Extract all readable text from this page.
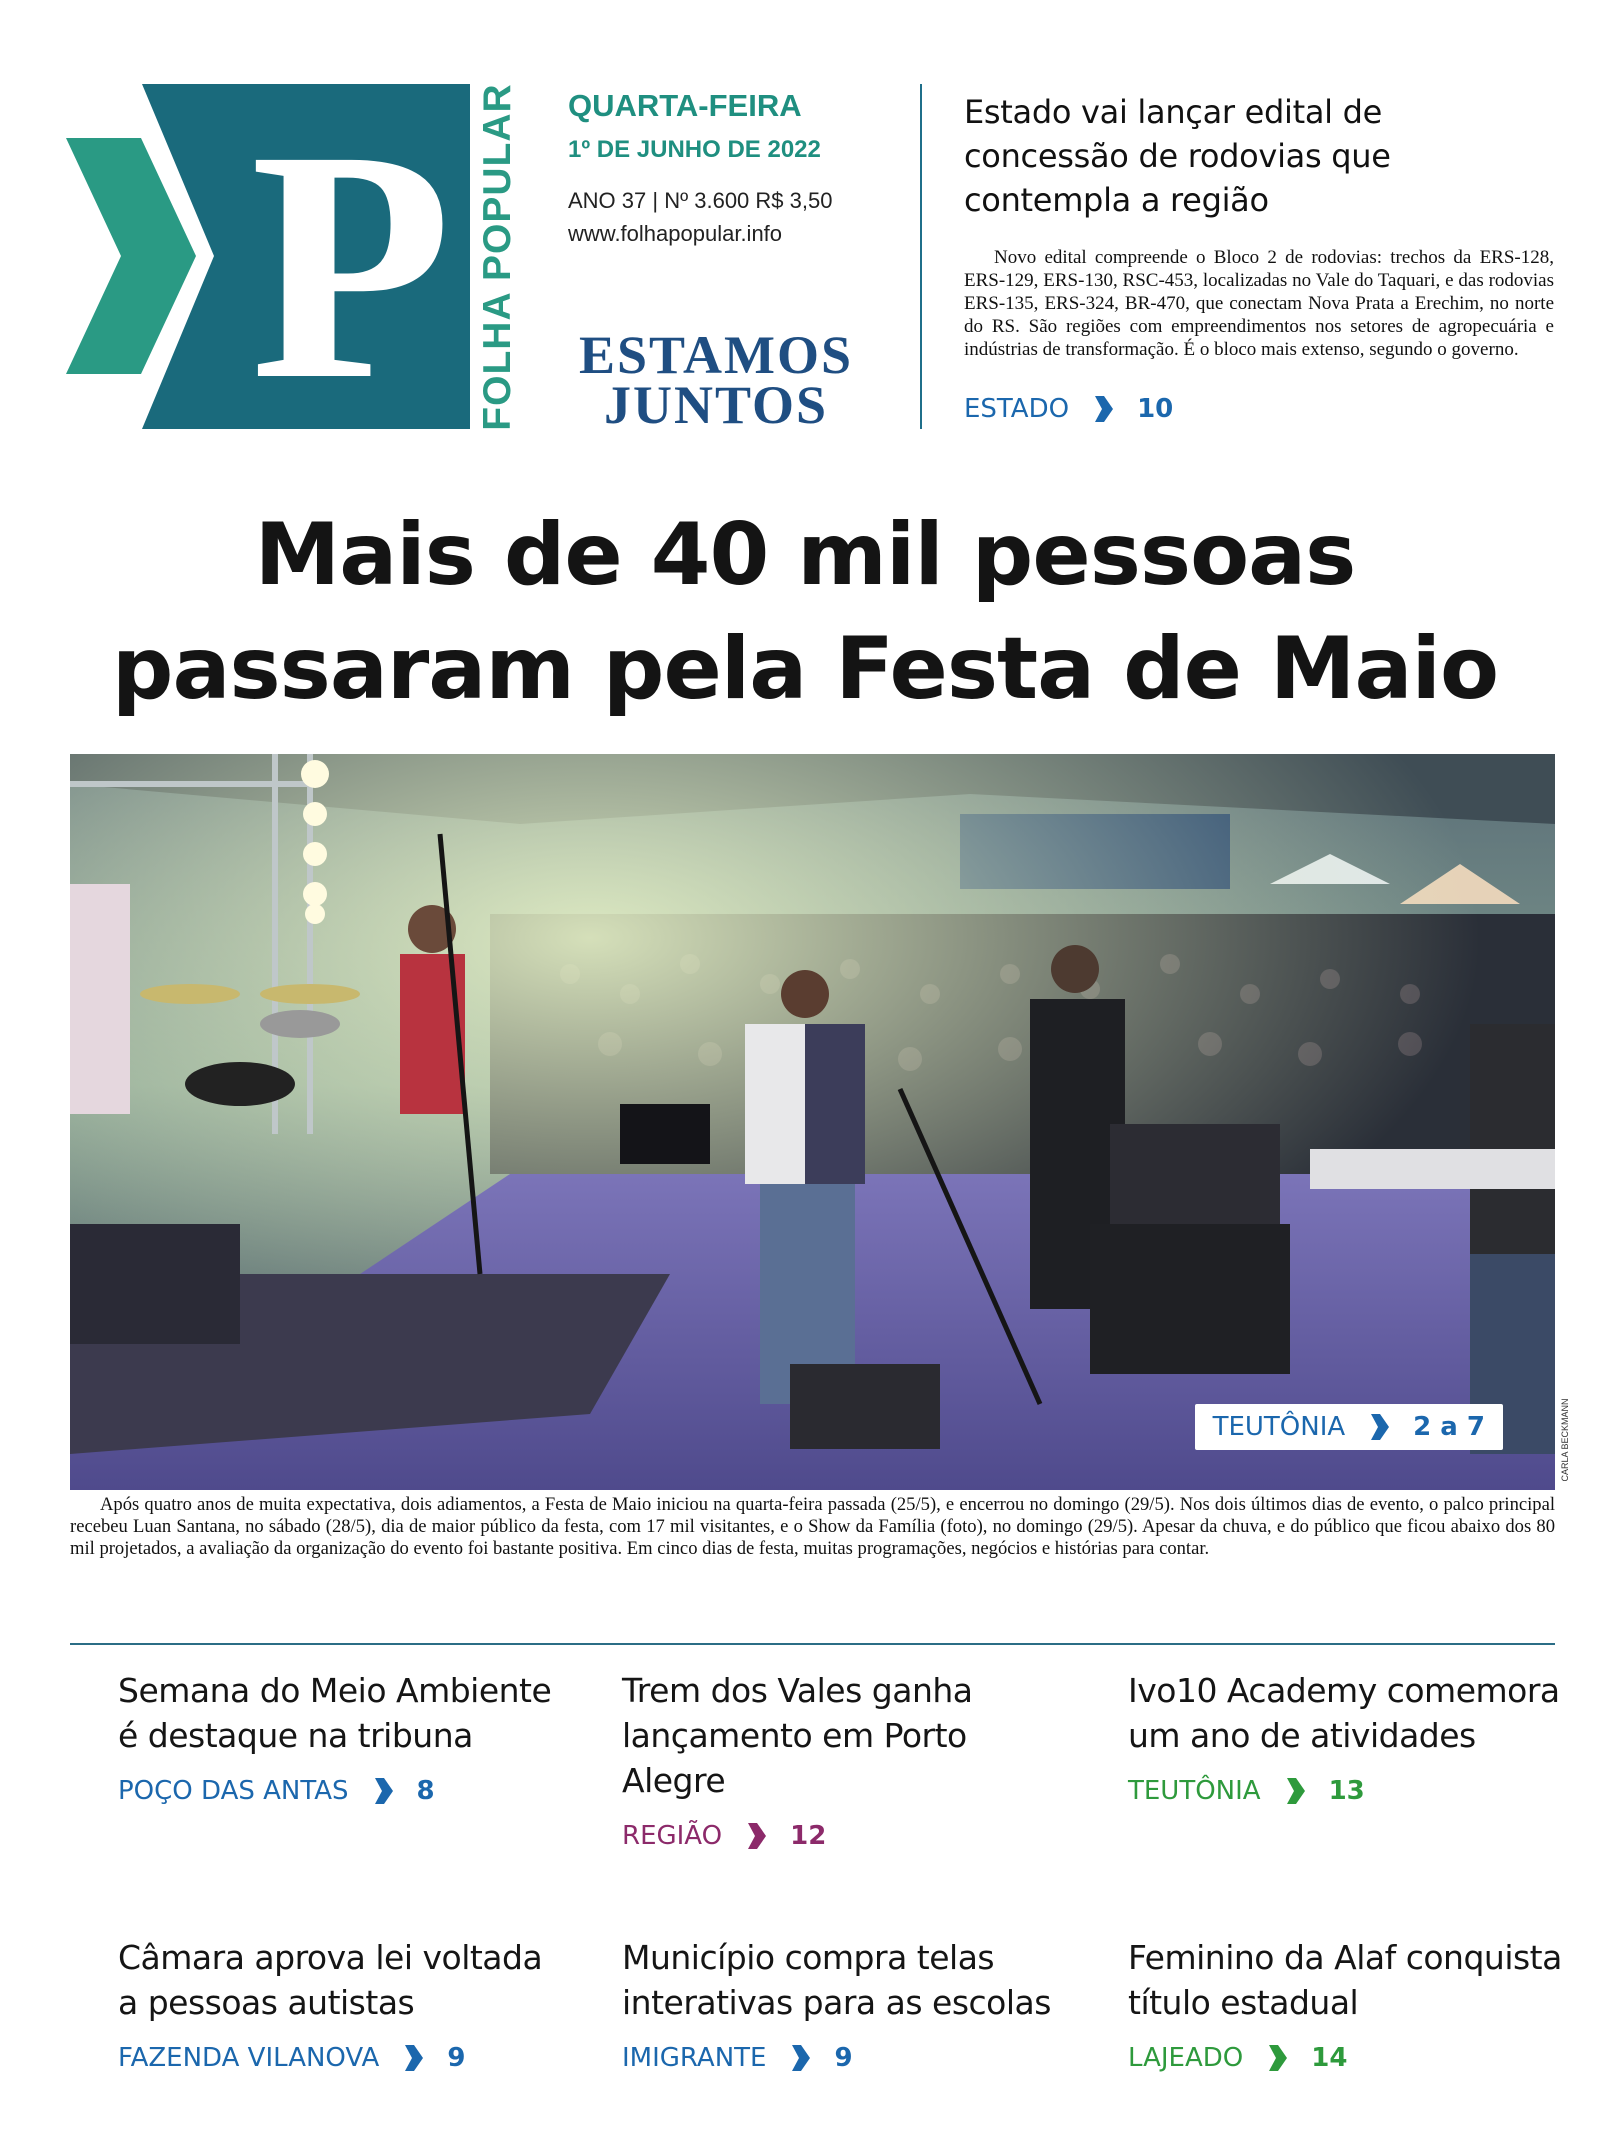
P FOLHA POPULAR QUARTA-FEIRA
1º DE JUNHO DE 2022
ANO 37 | Nº 3.600 R$ 3,50
www.folhapopular.info
ESTAMOS
JUNTOS
Estado vai lançar edital de concessão de rodovias que contempla a região

Novo edital compreende o Bloco 2 de rodovias: trechos da ERS-128, ERS-129, ERS-130, RSC-453, localizadas no Vale do Taquari, e das rodovias ERS-135, ERS-324, BR-470, que conectam Nova Prata a Erechim, no norte do RS. São regiões com empreendimentos nos setores de agropecuária e indústrias de transformação. É o bloco mais extenso, segundo o governo.

ESTADO	10
Mais de 40 mil pessoas
passaram pela Festa de Maio
TEUTÔNIA	2 a 7	CARLA BECKMANN

Após quatro anos de muita expectativa, dois adiamentos, a Festa de Maio iniciou na quarta-feira passada (25/5), e encerrou no domingo (29/5). Nos dois últimos dias de evento, o palco principal recebeu Luan Santana, no sábado (28/5), dia de maior público da festa, com 17 mil visitantes, e o Show da Família (foto), no domingo (29/5). Apesar da chuva, e do público que ficou abaixo dos 80 mil projetados, a avaliação da organização do evento foi bastante positiva. Em cinco dias de festa, muitas programações, negócios e histórias para contar.

Semana do Meio Ambiente é destaque na tribuna
POÇO DAS ANTAS	8
Trem dos Vales ganha lançamento em Porto Alegre
REGIÃO	12
Ivo10 Academy comemora um ano de atividades
TEUTÔNIA	13
Câmara aprova lei voltada a pessoas autistas
FAZENDA VILANOVA	9
Município compra telas interativas para as escolas
IMIGRANTE	9
Feminino da Alaf conquista título estadual
LAJEADO	14
